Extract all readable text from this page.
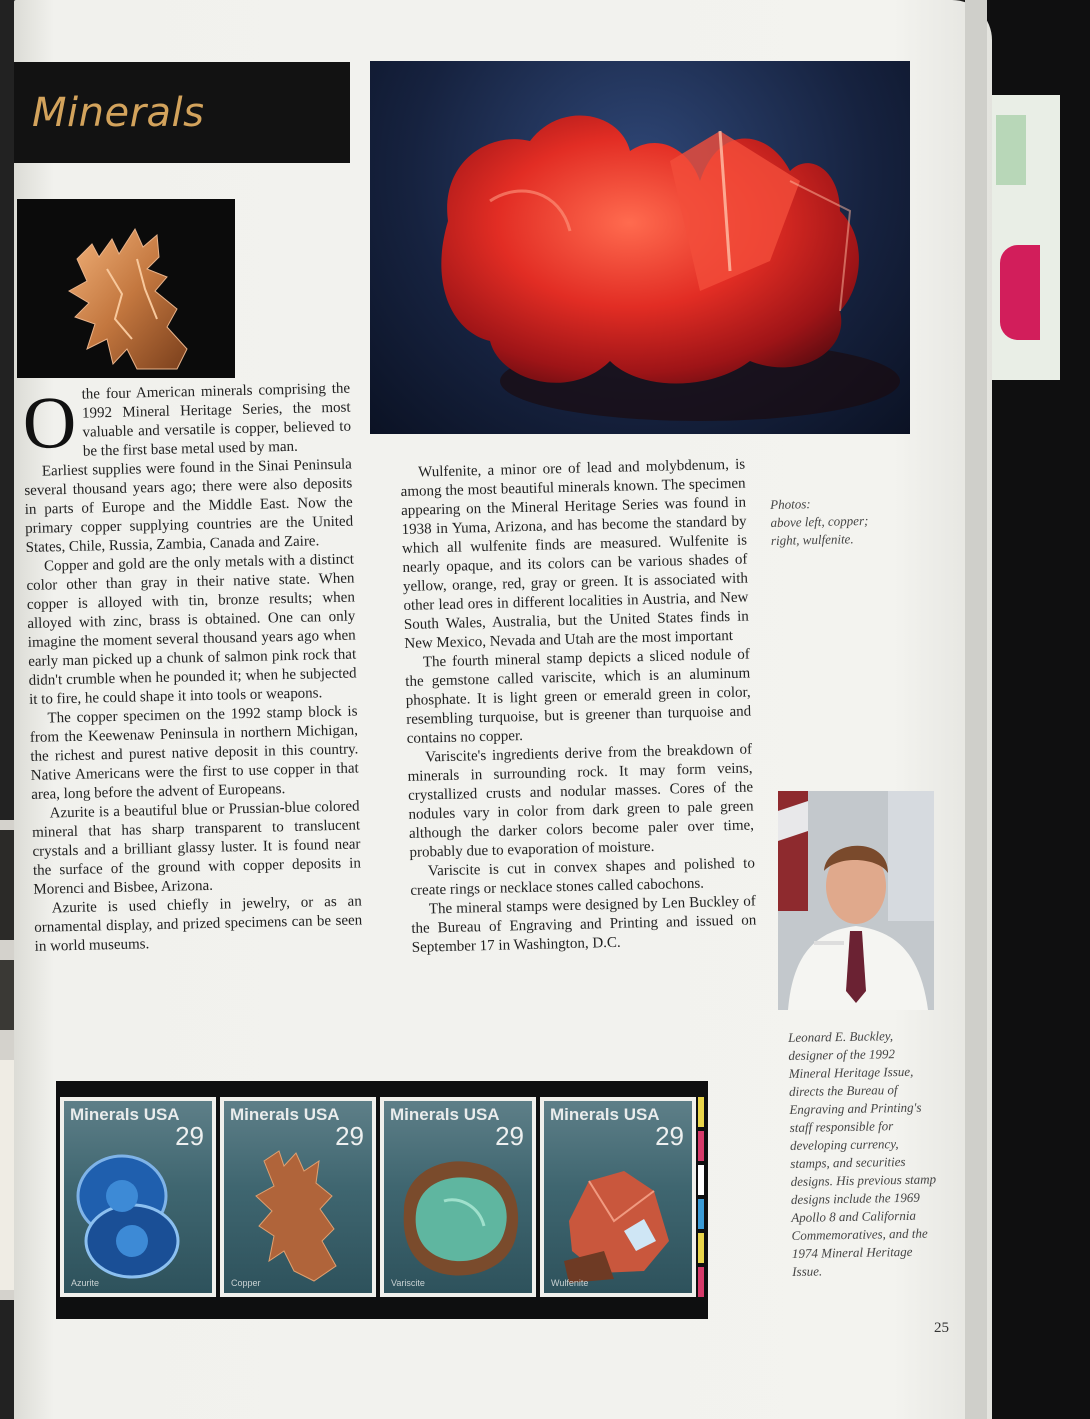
Minerals

Othe four American minerals comprising the 1992 Mineral Heritage Series, the most valuable and versatile is copper, believed to be the first base metal used by man.

Earliest supplies were found in the Sinai Peninsula several thousand years ago; there were also deposits in parts of Europe and the Middle East. Now the primary copper supplying countries are the United States, Chile, Russia, Zambia, Canada and Zaire.

Copper and gold are the only metals with a distinct color other than gray in their native state. When copper is alloyed with tin, bronze results; when alloyed with zinc, brass is obtained. One can only imagine the moment several thousand years ago when early man picked up a chunk of salmon pink rock that didn't crumble when he pounded it; when he subjected it to fire, he could shape it into tools or weapons.

The copper specimen on the 1992 stamp block is from the Keewenaw Peninsula in northern Michigan, the richest and purest native deposit in this country. Native Americans were the first to use copper in that area, long before the advent of Europeans.

Azurite is a beautiful blue or Prussian-blue colored mineral that has sharp transparent to translucent crystals and a brilliant glassy luster. It is found near the surface of the ground with copper deposits in Morenci and Bisbee, Arizona.

Azurite is used chiefly in jewelry, or as an ornamental display, and prized specimens can be seen in world museums.

Wulfenite, a minor ore of lead and molybdenum, is among the most beautiful minerals known. The specimen appearing on the Mineral Heritage Series was found in 1938 in Yuma, Arizona, and has become the standard by which all wulfenite finds are measured. Wulfenite is nearly opaque, and its colors can be various shades of yellow, orange, red, gray or green. It is associated with other lead ores in different localities in Austria, and New South Wales, Australia, but the United States finds in New Mexico, Nevada and Utah are the most important

The fourth mineral stamp depicts a sliced nodule of the gemstone called variscite, which is an aluminum phosphate. It is light green or emerald green in color, resembling turquoise, but is greener than turquoise and contains no copper.

Variscite's ingredients derive from the breakdown of minerals in surrounding rock. It may form veins, crystallized crusts and nodular masses. Cores of the nodules vary in color from dark green to pale green although the darker colors become paler over time, probably due to evaporation of moisture.

Variscite is cut in convex shapes and polished to create rings or necklace stones called cabochons.

The mineral stamps were designed by Len Buckley of the Bureau of Engraving and Printing and issued on September 17 in Washington, D.C.

Photos:
above left, copper;
right, wulfenite.
Leonard E. Buckley, designer of the 1992 Mineral Heritage Issue, directs the Bureau of Engraving and Printing's staff responsible for developing currency, stamps, and securities designs. His previous stamp designs include the 1969 Apollo 8 and California Commemoratives, and the 1974 Mineral Heritage Issue.
Minerals USA
29
Azurite
Minerals USA
29
Copper
Minerals USA
29
Variscite
Minerals USA
29
Wulfenite
25
